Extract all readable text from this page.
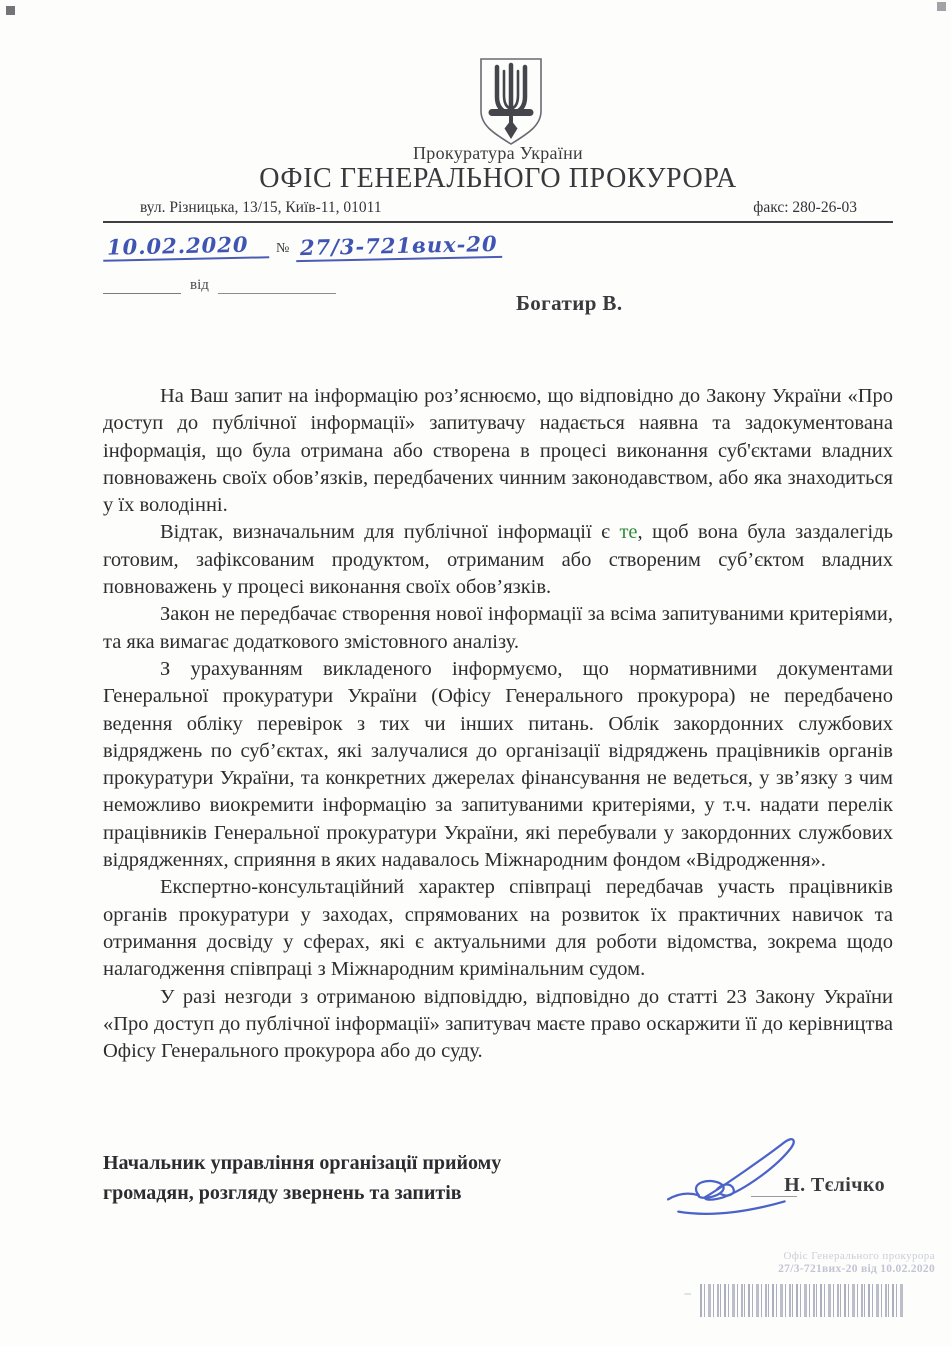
Прокуратура України
ОФІС ГЕНЕРАЛЬНОГО ПРОКУРОРА
вул. Різницька, 13/15, Київ-11, 01011	факс: 280-26-03
10.02.2020	№ 27/3-721вих-20
від
Богатир В.

На Ваш запит на інформацію роз’яснюємо, що відповідно до Закону України «Про доступ до публічної інформації» запитувачу надається наявна та задокументована інформація, що була отримана або створена в процесі виконання суб'єктами владних повноважень своїх обов’язків, передбачених чинним законодавством, або яка знаходиться у їх володінні.

Відтак, визначальним для публічної інформації є те, щоб вона була заздалегідь готовим, зафіксованим продуктом, отриманим або створеним суб’єктом владних повноважень у процесі виконання своїх обов’язків.

Закон не передбачає створення нової інформації за всіма запитуваними критеріями, та яка вимагає додаткового змістовного аналізу.

З урахуванням викладеного інформуємо, що нормативними документами Генеральної прокуратури України (Офісу Генерального прокурора) не передбачено ведення обліку перевірок з тих чи інших питань. Облік закордонних службових відряджень по суб’єктах, які залучалися до організації відряджень працівників органів прокуратури України, та конкретних джерелах фінансування не ведеться, у зв’язку з чим неможливо виокремити інформацію за запитуваними критеріями, у т.ч. надати перелік працівників Генеральної прокуратури України, які перебували у закордонних службових відрядженнях, сприяння в яких надавалось Міжнародним фондом «Відродження».

Експертно-консультаційний характер співпраці передбачав участь працівників органів прокуратури у заходах, спрямованих на розвиток їх практичних навичок та отримання досвіду у сферах, які є актуальними для роботи відомства, зокрема щодо налагодження співпраці з Міжнародним кримінальним судом.

У разі незгоди з отриманою відповіддю, відповідно до статті 23 Закону України «Про доступ до публічної інформації» запитувач маєте право оскаржити її до керівництва Офісу Генерального прокурора або до суду.

Начальник управління організації прийому
громадян, розгляду звернень та запитів	Н. Тєлічко
Офіс Генерального прокурора
27/3-721вих-20 від 10.02.2020
||
